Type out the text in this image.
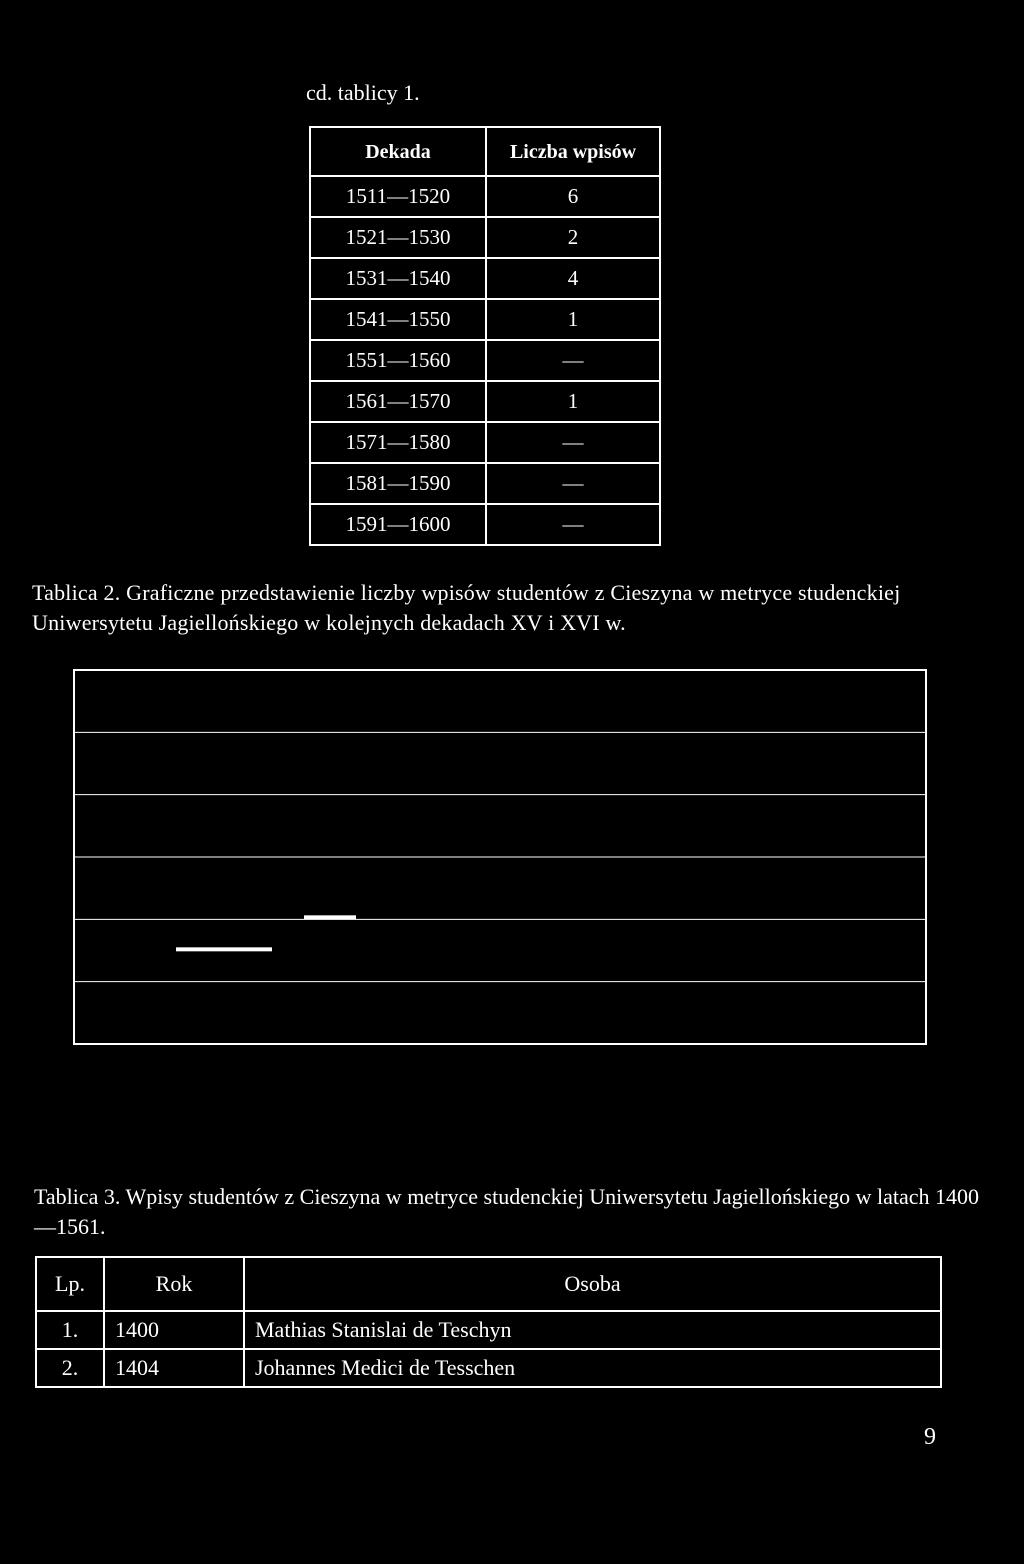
cd. tablicy 1.
Dekada	Liczba wpisów
1511—1520	6
1521—1530	2
1531—1540	4
1541—1550	1
1551—1560	—
1561—1570	1
1571—1580	—
1581—1590	—
1591—1600	—
Tablica 2. Graficzne przedstawienie liczby wpisów studentów z Cieszyna w metryce studenckiej Uniwersytetu Jagiellońskiego w kolejnych dekadach XV i XVI w.
Tablica 3. Wpisy studentów z Cieszyna w metryce studenckiej Uniwersytetu Jagiellońskiego w latach 1400—1561.
Lp.	Rok	Osoba
1.	1400	Mathias Stanislai de Teschyn
2.	1404	Johannes Medici de Tesschen
9
